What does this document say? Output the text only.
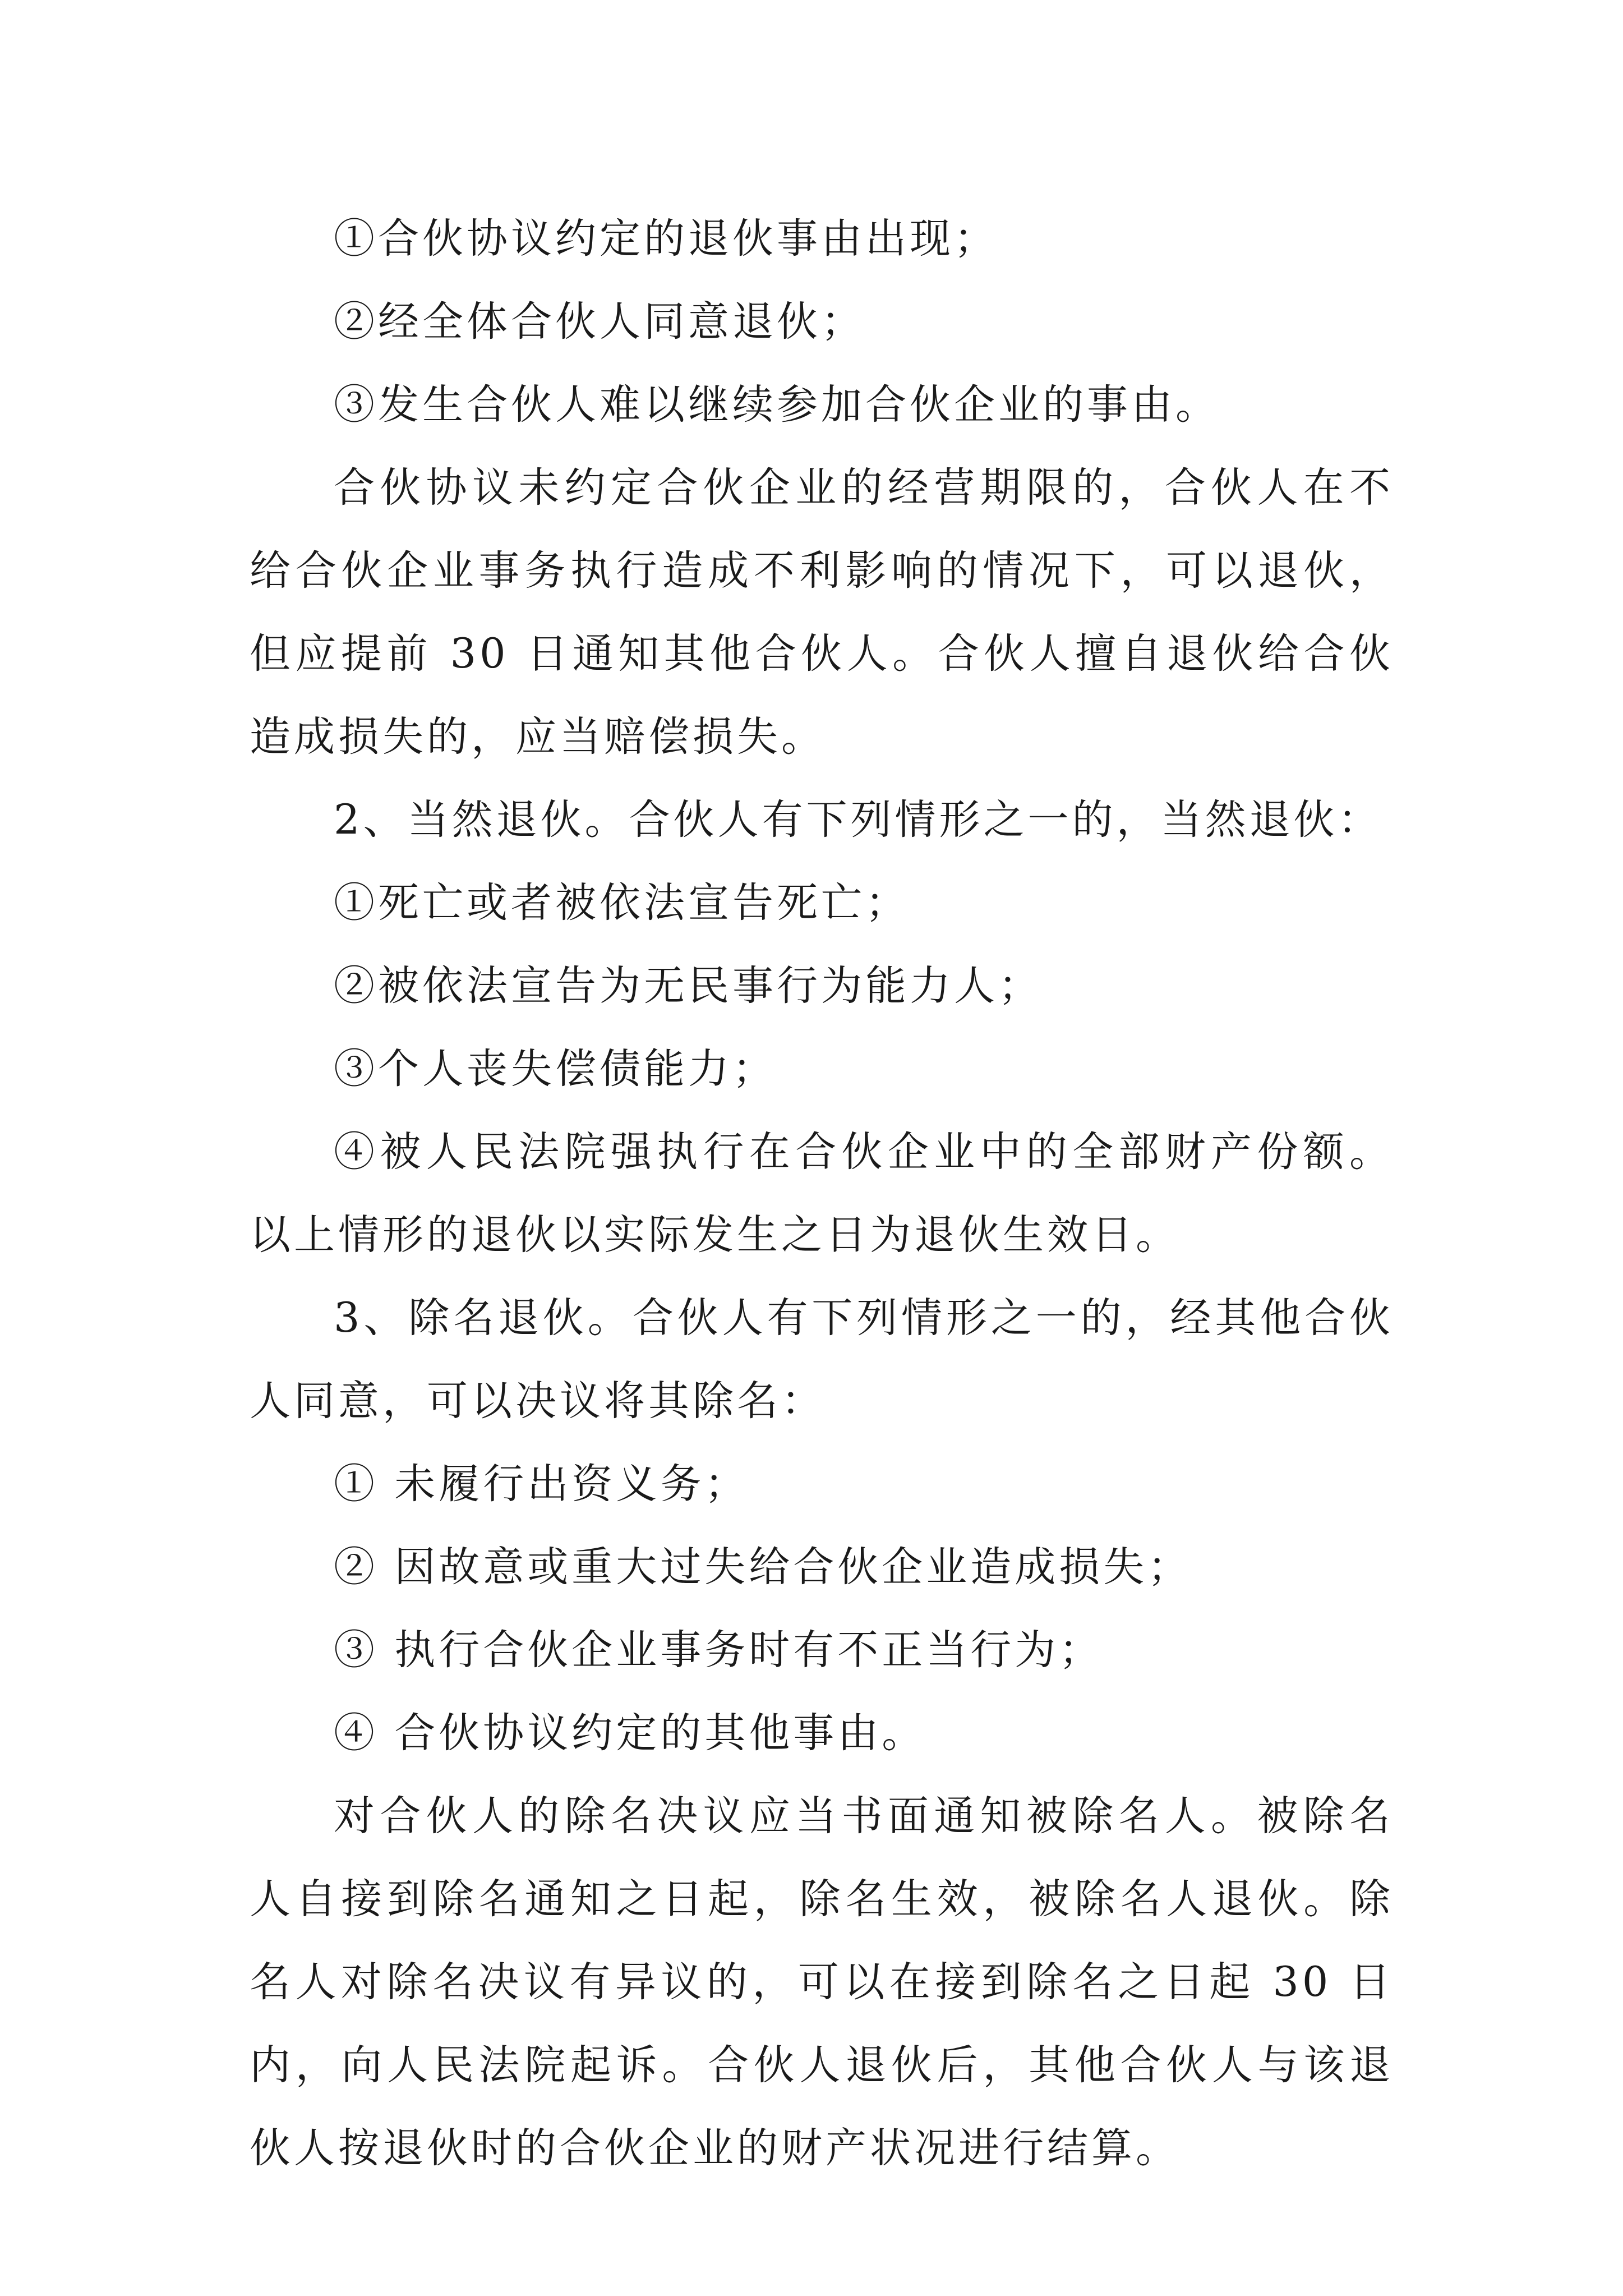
①合伙协议约定的退伙事由出现；

②经全体合伙人同意退伙；

③发生合伙人难以继续参加合伙企业的事由。

合伙协议未约定合伙企业的经营期限的，合伙人在不给合伙企业事务执行造成不利影响的情况下，可以退伙，但应提前 30 日通知其他合伙人。合伙人擅自退伙给合伙造成损失的，应当赔偿损失。

2、当然退伙。合伙人有下列情形之一的，当然退伙：

①死亡或者被依法宣告死亡；

②被依法宣告为无民事行为能力人；

③个人丧失偿债能力；

④被人民法院强执行在合伙企业中的全部财产份额。以上情形的退伙以实际发生之日为退伙生效日。

3、除名退伙。合伙人有下列情形之一的，经其他合伙人同意，可以决议将其除名：

① 未履行出资义务；

② 因故意或重大过失给合伙企业造成损失；

③ 执行合伙企业事务时有不正当行为；

④ 合伙协议约定的其他事由。

对合伙人的除名决议应当书面通知被除名人。被除名人自接到除名通知之日起，除名生效，被除名人退伙。除名人对除名决议有异议的，可以在接到除名之日起 30 日内，向人民法院起诉。合伙人退伙后，其他合伙人与该退伙人按退伙时的合伙企业的财产状况进行结算。
